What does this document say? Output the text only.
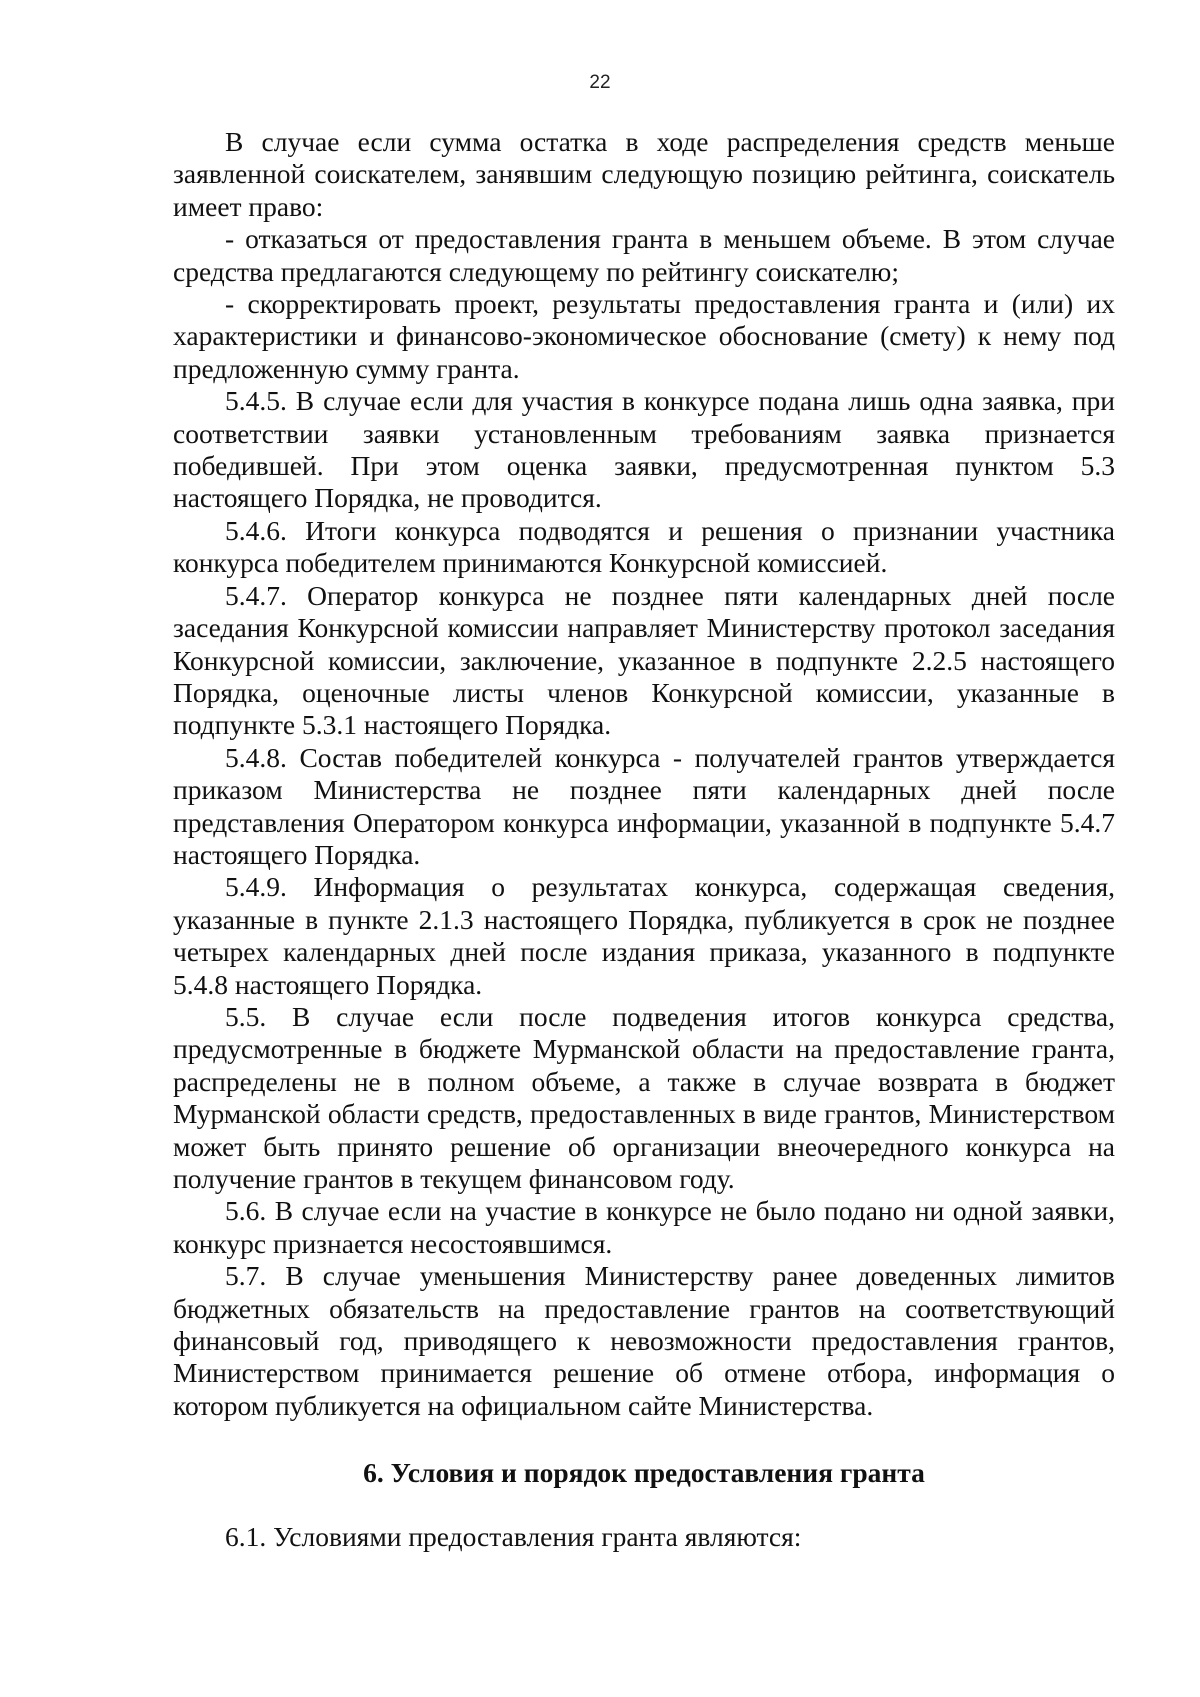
22

В случае если сумма остатка в ходе распределения средств меньше заявленной соискателем, занявшим следующую позицию рейтинга, соискатель имеет право:

- отказаться от предоставления гранта в меньшем объеме. В этом случае средства предлагаются следующему по рейтингу соискателю;

- скорректировать проект, результаты предоставления гранта и (или) их характеристики и финансово-экономическое обоснование (смету) к нему под предложенную сумму гранта.

5.4.5. В случае если для участия в конкурсе подана лишь одна заявка, при соответствии заявки установленным требованиям заявка признается победившей. При этом оценка заявки, предусмотренная пунктом 5.3 настоящего Порядка, не проводится.

5.4.6. Итоги конкурса подводятся и решения о признании участника конкурса победителем принимаются Конкурсной комиссией.

5.4.7. Оператор конкурса не позднее пяти календарных дней после заседания Конкурсной комиссии направляет Министерству протокол заседания Конкурсной комиссии, заключение, указанное в подпункте 2.2.5 настоящего Порядка, оценочные листы членов Конкурсной комиссии, указанные в подпункте 5.3.1 настоящего Порядка.

5.4.8. Состав победителей конкурса - получателей грантов утверждается приказом Министерства не позднее пяти календарных дней после представления Оператором конкурса информации, указанной в подпункте 5.4.7 настоящего Порядка.

5.4.9. Информация о результатах конкурса, содержащая сведения, указанные в пункте 2.1.3 настоящего Порядка, публикуется в срок не позднее четырех календарных дней после издания приказа, указанного в подпункте 5.4.8 настоящего Порядка.

5.5. В случае если после подведения итогов конкурса средства, предусмотренные в бюджете Мурманской области на предоставление гранта, распределены не в полном объеме, а также в случае возврата в бюджет Мурманской области средств, предоставленных в виде грантов, Министерством может быть принято решение об организации внеочередного конкурса на получение грантов в текущем финансовом году.

5.6. В случае если на участие в конкурсе не было подано ни одной заявки, конкурс признается несостоявшимся.

5.7. В случае уменьшения Министерству ранее доведенных лимитов бюджетных обязательств на предоставление грантов на соответствующий финансовый год, приводящего к невозможности предоставления грантов, Министерством принимается решение об отмене отбора, информация о котором публикуется на официальном сайте Министерства.

6. Условия и порядок предоставления гранта

6.1. Условиями предоставления гранта являются:
